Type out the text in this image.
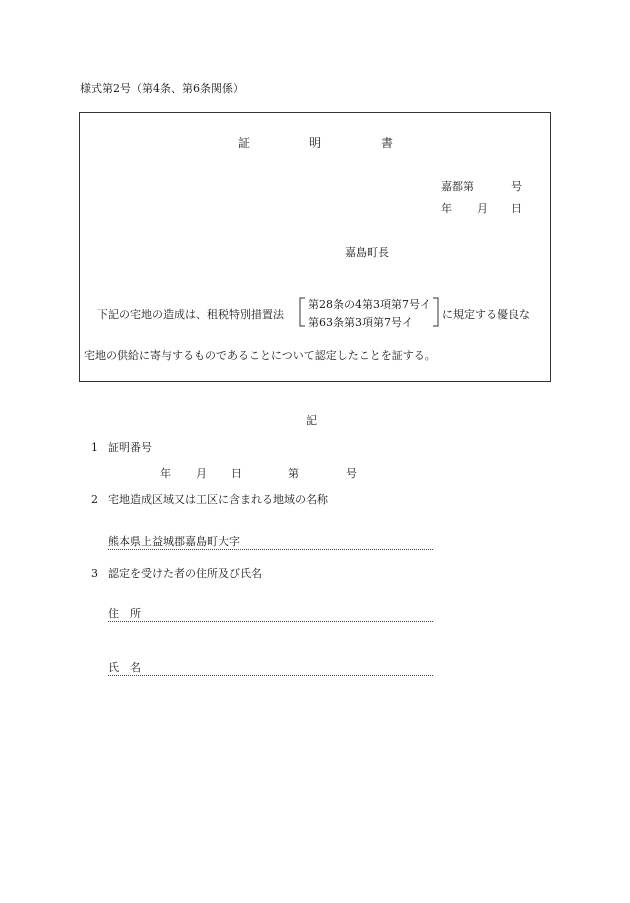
様式第2号（第4条、第6条関係）
証	明	書
嘉都第	号
年 月 日
嘉島町長
下記の宅地の造成は、租税特別措置法
第28条の4第3項第7号イ
第63条第3項第7号イ
に規定する優良な
宅地の供給に寄与するものであることについて認定したことを証する。
記
1 証明番号
年 月 日	第	号
2 宅地造成区域又は工区に含まれる地域の名称
熊本県上益城郡嘉島町大字
3 認定を受けた者の住所及び氏名
住　所
氏　名
